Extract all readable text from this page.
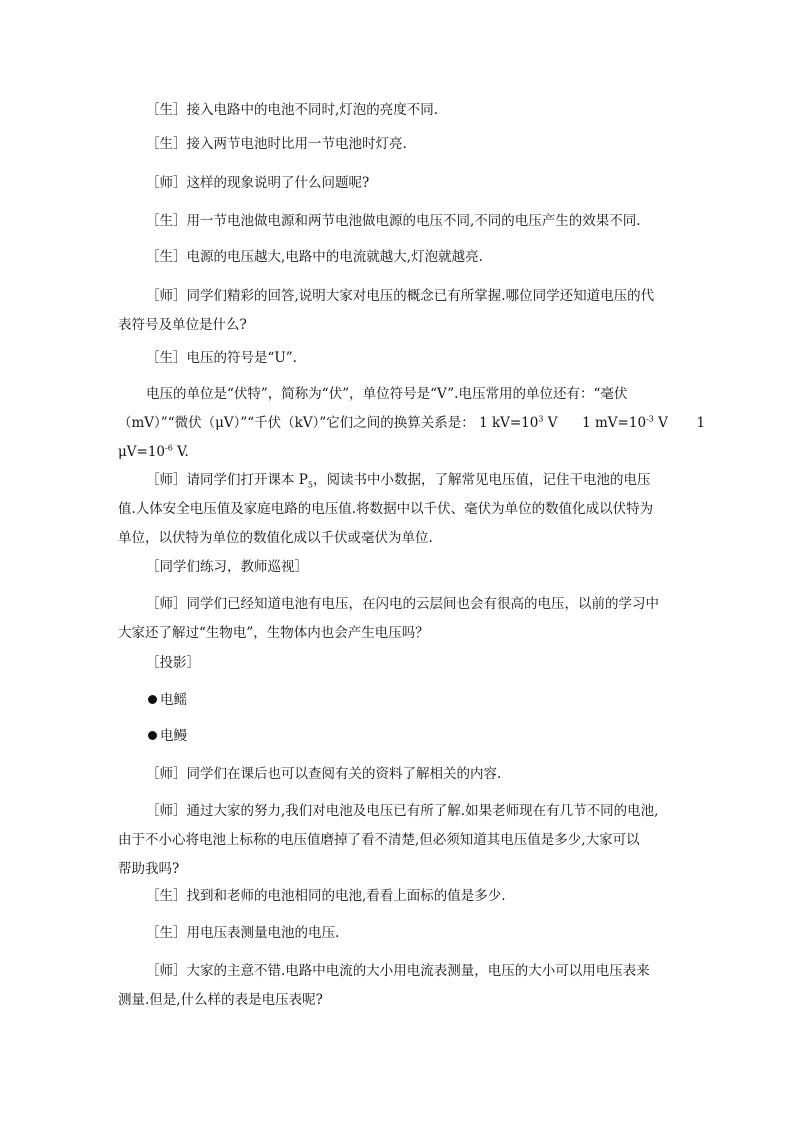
［生］接入电路中的电池不同时,灯泡的亮度不同.

［生］接入两节电池时比用一节电池时灯亮.

［师］这样的现象说明了什么问题呢?

［生］用一节电池做电源和两节电池做电源的电压不同,不同的电压产生的效果不同.

［生］电源的电压越大,电路中的电流就越大,灯泡就越亮.

［师］同学们精彩的回答,说明大家对电压的概念已有所掌握.哪位同学还知道电压的代
表符号及单位是什么?

［生］电压的符号是“U”.

电压的单位是“伏特”，简称为“伏”，单位符号是“V”.电压常用的单位还有：“毫伏
（mV）”“微伏（μV）”“千伏（kV）”它们之间的换算关系是： 1 $kV=10^3$ V 1 $mV=10^{-3}$ V 1
$\mu V=10^{-6}$ V.
［师］请同学们打开课本 $P_5$，阅读书中小数据，了解常见电压值，记住干电池的电压
值.人体安全电压值及家庭电路的电压值.将数据中以千伏、毫伏为单位的数值化成以伏特为
单位，以伏特为单位的数值化成以千伏或毫伏为单位.

［同学们练习，教师巡视］

［师］同学们已经知道电池有电压，在闪电的云层间也会有很高的电压，以前的学习中
大家还了解过“生物电”，生物体内也会产生电压吗？

［投影］

电鳐

电鳗

［师］同学们在课后也可以查阅有关的资料了解相关的内容.

［师］通过大家的努力,我们对电池及电压已有所了解.如果老师现在有几节不同的电池,
由于不小心将电池上标称的电压值磨掉了看不清楚,但必须知道其电压值是多少,大家可以
帮助我吗?

［生］找到和老师的电池相同的电池,看看上面标的值是多少.

［生］用电压表测量电池的电压.

［师］大家的主意不错.电路中电流的大小用电流表测量，电压的大小可以用电压表来
测量.但是,什么样的表是电压表呢?
